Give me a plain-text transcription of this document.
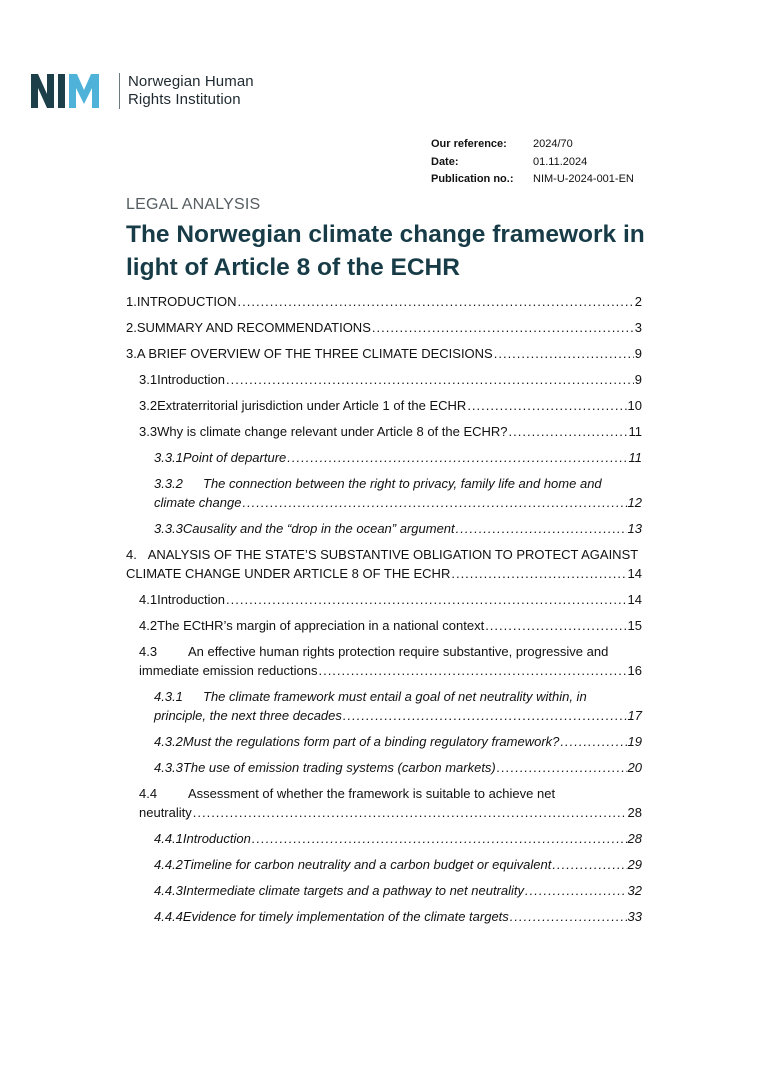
Norwegian Human
Rights Institution
Our reference:	2024/70
Date:	01.11.2024
Publication no.:	NIM-U-2024-001-EN
LEGAL ANALYSIS
The Norwegian climate change framework in light of Article 8 of the ECHR
1. INTRODUCTION .....	2
2. SUMMARY AND RECOMMENDATIONS .....	3
3. A BRIEF OVERVIEW OF THE THREE CLIMATE DECISIONS .....	9
3.1 Introduction .....	9
3.2 Extraterritorial jurisdiction under Article 1 of the ECHR .....	10
3.3 Why is climate change relevant under Article 8 of the ECHR? .....	11
3.3.1 Point of departure .....	11
3.3.2 The connection between the right to privacy, family life and home and
climate change .....	12
3.3.3 Causality and the “drop in the ocean” argument .....	13
4. ANALYSIS OF THE STATE’S SUBSTANTIVE OBLIGATION TO PROTECT AGAINST
CLIMATE CHANGE UNDER ARTICLE 8 OF THE ECHR .....	14
4.1 Introduction .....	14
4.2 The ECtHR’s margin of appreciation in a national context .....	15
4.3 An effective human rights protection require substantive, progressive and
immediate emission reductions .....	16
4.3.1 The climate framework must entail a goal of net neutrality within, in
principle, the next three decades .....	17
4.3.2 Must the regulations form part of a binding regulatory framework? .....	19
4.3.3 The use of emission trading systems (carbon markets) .....	20
4.4 Assessment of whether the framework is suitable to achieve net
neutrality .....	28
4.4.1 Introduction .....	28
4.4.2 Timeline for carbon neutrality and a carbon budget or equivalent .....	29
4.4.3 Intermediate climate targets and a pathway to net neutrality .....	32
4.4.4 Evidence for timely implementation of the climate targets .....	33
